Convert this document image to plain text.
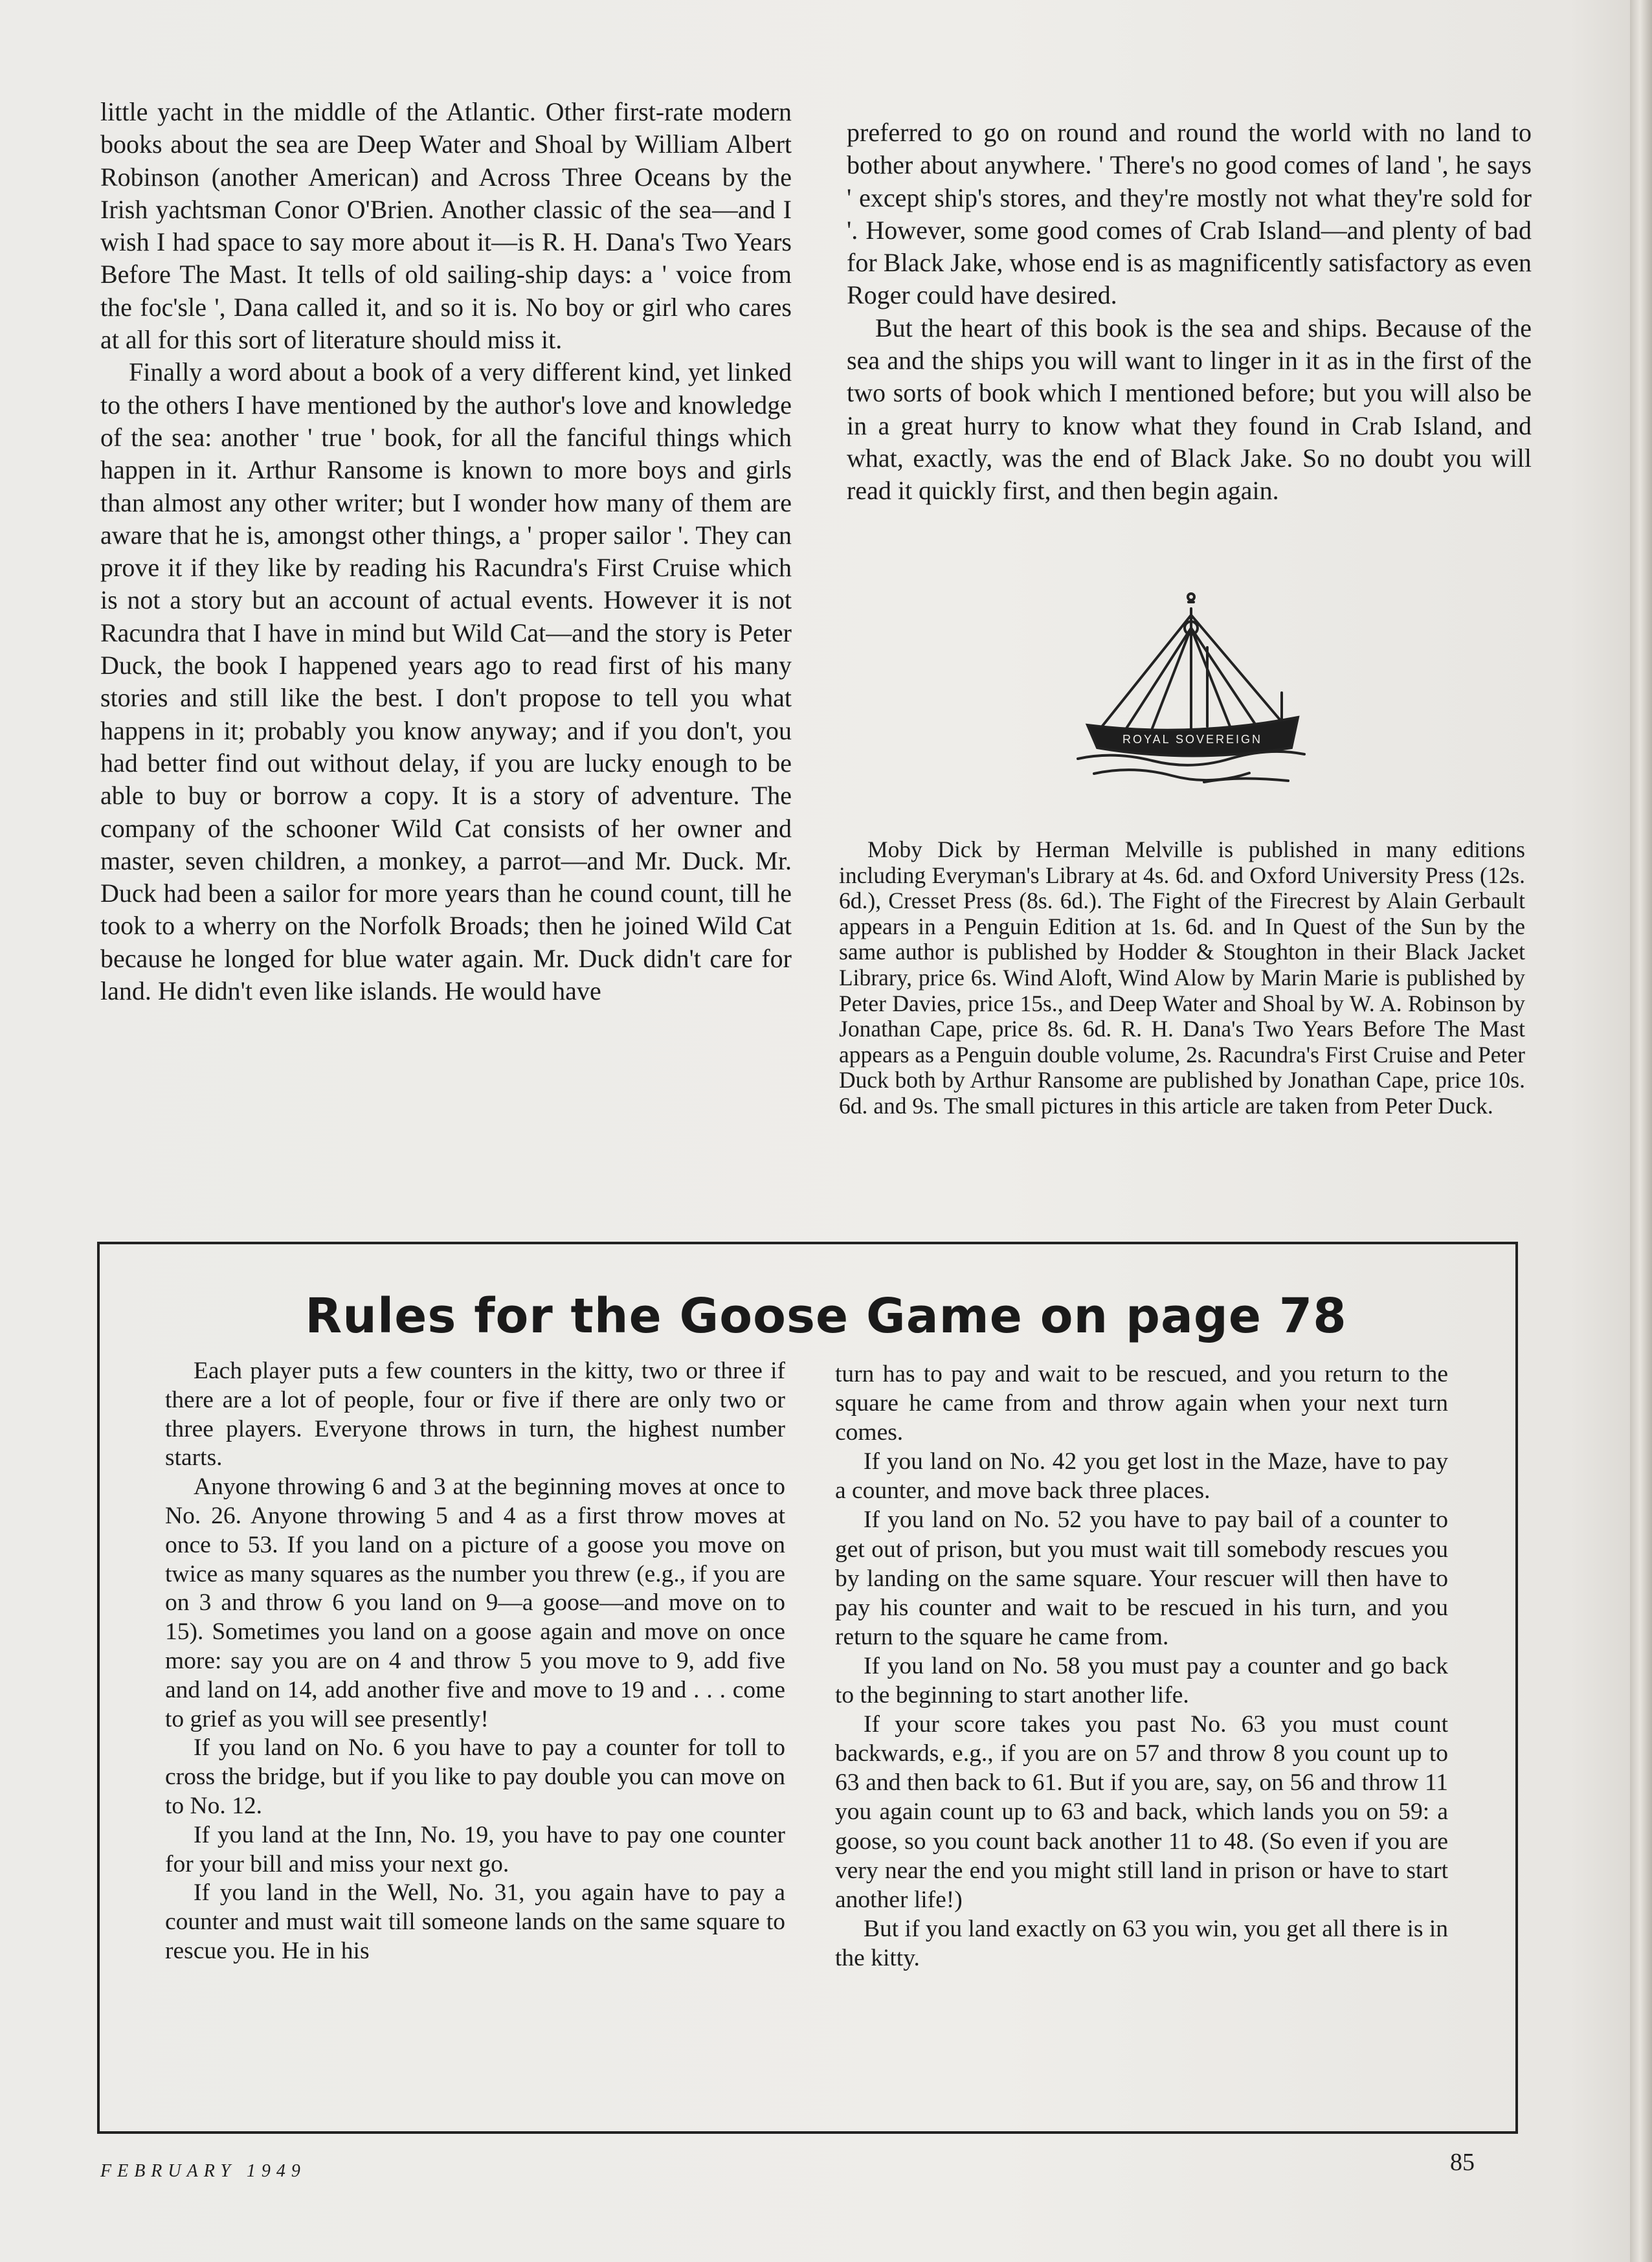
little yacht in the middle of the Atlantic. Other first-rate modern books about the sea are Deep Water and Shoal by William Albert Robinson (another American) and Across Three Oceans by the Irish yachtsman Conor O'Brien. Another classic of the sea—and I wish I had space to say more about it—is R. H. Dana's Two Years Before The Mast. It tells of old sailing-ship days: a ' voice from the foc'sle ', Dana called it, and so it is. No boy or girl who cares at all for this sort of literature should miss it.

Finally a word about a book of a very different kind, yet linked to the others I have mentioned by the author's love and knowledge of the sea: another ' true ' book, for all the fanciful things which happen in it. Arthur Ransome is known to more boys and girls than almost any other writer; but I wonder how many of them are aware that he is, amongst other things, a ' proper sailor '. They can prove it if they like by reading his Racundra's First Cruise which is not a story but an account of actual events. However it is not Racundra that I have in mind but Wild Cat—and the story is Peter Duck, the book I happened years ago to read first of his many stories and still like the best. I don't propose to tell you what happens in it; probably you know anyway; and if you don't, you had better find out without delay, if you are lucky enough to be able to buy or borrow a copy. It is a story of adventure. The company of the schooner Wild Cat consists of her owner and master, seven children, a monkey, a parrot—and Mr. Duck. Mr. Duck had been a sailor for more years than he cound count, till he took to a wherry on the Norfolk Broads; then he joined Wild Cat because he longed for blue water again. Mr. Duck didn't care for land. He didn't even like islands. He would have

preferred to go on round and round the world with no land to bother about anywhere. ' There's no good comes of land ', he says ' except ship's stores, and they're mostly not what they're sold for '. However, some good comes of Crab Island—and plenty of bad for Black Jake, whose end is as magnificently satisfactory as even Roger could have desired.

But the heart of this book is the sea and ships. Because of the sea and the ships you will want to linger in it as in the first of the two sorts of book which I mentioned before; but you will also be in a great hurry to know what they found in Crab Island, and what, exactly, was the end of Black Jake. So no doubt you will read it quickly first, and then begin again.

ROYAL SOVEREIGN

Moby Dick by Herman Melville is published in many editions including Everyman's Library at 4s. 6d. and Oxford University Press (12s. 6d.), Cresset Press (8s. 6d.). The Fight of the Firecrest by Alain Gerbault appears in a Penguin Edition at 1s. 6d. and In Quest of the Sun by the same author is published by Hodder & Stoughton in their Black Jacket Library, price 6s. Wind Aloft, Wind Alow by Marin Marie is published by Peter Davies, price 15s., and Deep Water and Shoal by W. A. Robinson by Jonathan Cape, price 8s. 6d. R. H. Dana's Two Years Before The Mast appears as a Penguin double volume, 2s. Racundra's First Cruise and Peter Duck both by Arthur Ransome are published by Jonathan Cape, price 10s. 6d. and 9s. The small pictures in this article are taken from Peter Duck.

Rules for the Goose Game on page 78

Each player puts a few counters in the kitty, two or three if there are a lot of people, four or five if there are only two or three players. Everyone throws in turn, the highest number starts.

Anyone throwing 6 and 3 at the beginning moves at once to No. 26. Anyone throwing 5 and 4 as a first throw moves at once to 53. If you land on a picture of a goose you move on twice as many squares as the number you threw (e.g., if you are on 3 and throw 6 you land on 9—a goose—and move on to 15). Sometimes you land on a goose again and move on once more: say you are on 4 and throw 5 you move to 9, add five and land on 14, add another five and move to 19 and . . . come to grief as you will see presently!

If you land on No. 6 you have to pay a counter for toll to cross the bridge, but if you like to pay double you can move on to No. 12.

If you land at the Inn, No. 19, you have to pay one counter for your bill and miss your next go.

If you land in the Well, No. 31, you again have to pay a counter and must wait till someone lands on the same square to rescue you. He in his

turn has to pay and wait to be rescued, and you return to the square he came from and throw again when your next turn comes.

If you land on No. 42 you get lost in the Maze, have to pay a counter, and move back three places.

If you land on No. 52 you have to pay bail of a counter to get out of prison, but you must wait till somebody rescues you by landing on the same square. Your rescuer will then have to pay his counter and wait to be rescued in his turn, and you return to the square he came from.

If you land on No. 58 you must pay a counter and go back to the beginning to start another life.

If your score takes you past No. 63 you must count backwards, e.g., if you are on 57 and throw 8 you count up to 63 and then back to 61. But if you are, say, on 56 and throw 11 you again count up to 63 and back, which lands you on 59: a goose, so you count back another 11 to 48. (So even if you are very near the end you might still land in prison or have to start another life!)

But if you land exactly on 63 you win, you get all there is in the kitty.

FEBRUARY 1949	85
